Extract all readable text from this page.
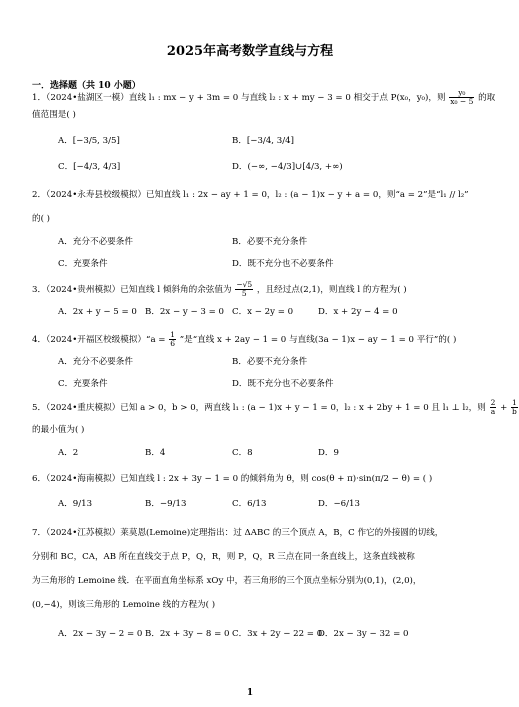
2025年高考数学直线与方程
一．选择题（共 10 小题）
1．（2024•盐湖区一模）直线 l₁ : mx − y + 3m = 0 与直线 l₂ : x + my − 3 = 0 相交于点 P(x₀，y₀)，则 $\frac{\text{y₀}}{\text{x₀ − 5}}$ 的取
值范围是( )
A．[−3/5, 3/5]	B．[−3/4, 3/4]
C．[−4/3, 4/3]	D．(−∞, −4/3]∪[4/3, +∞)
2．（2024•永寿县校级模拟）已知直线 l₁ : 2x − ay + 1 = 0，l₂ : (a − 1)x − y + a = 0，则“a = 2”是“l₁ // l₂”
的( )
A．充分不必要条件	B．必要不充分条件
C．充要条件	D．既不充分也不必要条件
3．（2024•贵州模拟）已知直线 l 倾斜角的余弦值为 $\frac{-√5}{5}$ ，且经过点(2,1)，则直线 l 的方程为( )
A．2x + y − 5 = 0 B．2x − y − 3 = 0 C．x − 2y = 0	D．x + 2y − 4 = 0
4．（2024•开福区校级模拟）“a = $\frac{1}{6}$ ”是“直线 x + 2ay − 1 = 0 与直线(3a − 1)x − ay − 1 = 0 平行”的( )
A．充分不必要条件	B．必要不充分条件
C．充要条件	D．既不充分也不必要条件
5．（2024•重庆模拟）已知 a > 0，b > 0，两直线 l₁ : (a − 1)x + y − 1 = 0，l₂ : x + 2by + 1 = 0 且 l₁ ⊥ l₂，则 $\frac{2}{a} + \frac{1}{b}$
的最小值为( )
A．2	B．4	C．8	D．9
6．（2024•海南模拟）已知直线 l : 2x + 3y − 1 = 0 的倾斜角为 θ，则 cos(θ + π)·sin(π/2 − θ) = ( )
A．9/13	B．−9/13	C．6/13	D．−6/13
7．（2024•江苏模拟）莱莫恩(Lemoine)定理指出：过 ΔABC 的三个顶点 A，B，C 作它的外接圆的切线，
分别和 BC，CA，AB 所在直线交于点 P，Q，R，则 P，Q，R 三点在同一条直线上，这条直线被称
为三角形的 Lemoine 线．在平面直角坐标系 xOy 中，若三角形的三个顶点坐标分别为(0,1)，(2,0)，
(0,−4)，则该三角形的 Lemoine 线的方程为( )
A．2x − 3y − 2 = 0 B．2x + 3y − 8 = 0 C．3x + 2y − 22 = 0
D．2x − 3y − 32 = 0
1
